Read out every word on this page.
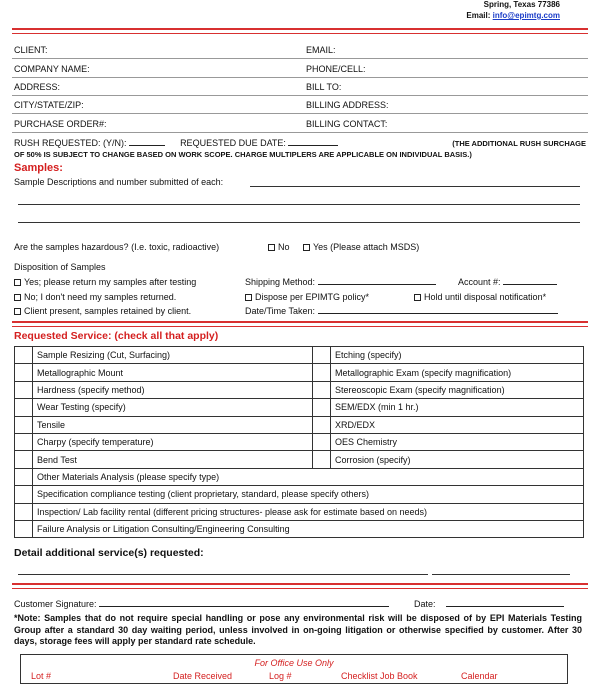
Spring, Texas 77386
Email: info@epimtg.com
CLIENT:	EMAIL:
COMPANY NAME:	PHONE/CELL:
ADDRESS:	BILL TO:
CITY/STATE/ZIP:	BILLING ADDRESS:
PURCHASE ORDER#:	BILLING CONTACT:
RUSH REQUESTED: (Y/N):	REQUESTED DUE DATE:	(THE ADDITIONAL RUSH SURCHAGE
OF 50% IS SUBJECT TO CHANGE BASED ON WORK SCOPE. CHARGE MULTIPLERS ARE APPLICABLE ON INDIVIDUAL BASIS.)
Samples:
Sample Descriptions and number submitted of each:
Are the samples hazardous? (I.e. toxic, radioactive)	No	Yes (Please attach MSDS)
Disposition of Samples
Yes; please return my samples after testing
No; I don't need my samples returned.
Client present, samples retained by client.
Shipping Method:	Account #:
Dispose per EPIMTG policy*	Hold until disposal notification*
Date/Time Taken:
Requested Service: (check all that apply)
	Sample Resizing (Cut, Surfacing)		Etching (specify)
	Metallographic Mount		Metallographic Exam (specify magnification)
	Hardness (specify method)		Stereoscopic Exam (specify magnification)
	Wear Testing (specify)		SEM/EDX (min 1 hr.)
	Tensile		XRD/EDX
	Charpy (specify temperature)		OES Chemistry
	Bend Test		Corrosion (specify)
	Other Materials Analysis (please specify type)		
	Specification compliance testing (client proprietary, standard, please specify others)		
	Inspection/ Lab facility rental (different pricing structures- please ask for estimate based on needs)		
	Failure Analysis or Litigation Consulting/Engineering Consulting		
Detail additional service(s) requested:
Customer Signature:	Date:
*Note: Samples that do not require special handling or pose any environmental risk will be disposed of by EPI Materials Testing Group after a standard 30 day waiting period, unless involved in on-going litigation or otherwise specified by customer. After 30 days, storage fees will apply per standard rate schedule.
For Office Use Only
Lot #	Date Received	Log #	Checklist Job Book	Calendar
